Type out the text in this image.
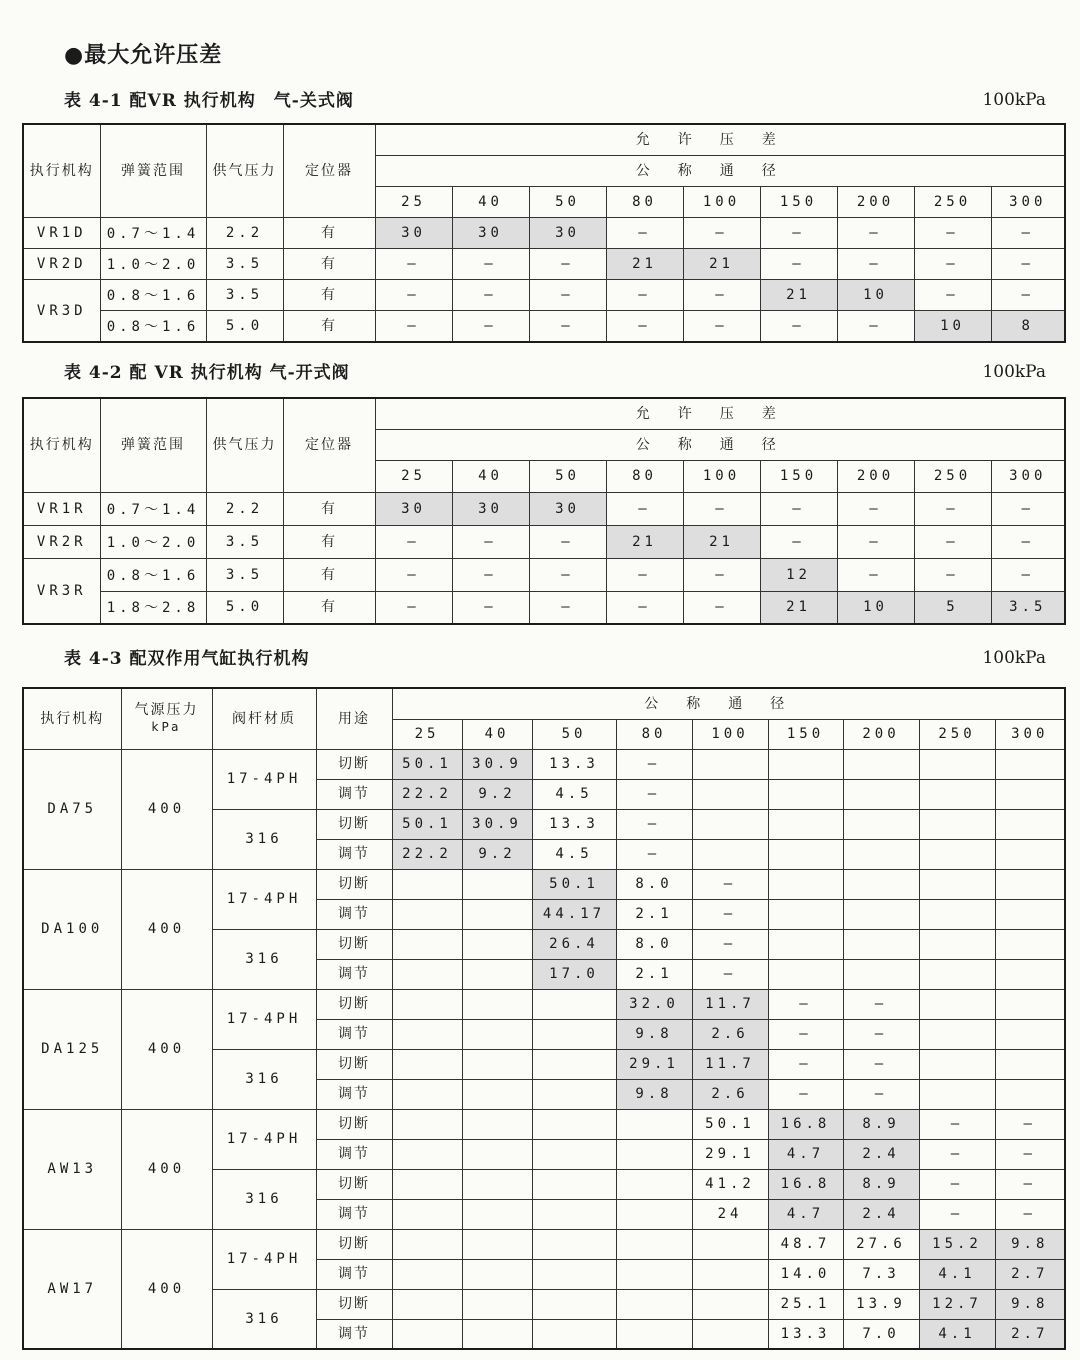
●最大允许压差
表 4-1 配VR 执行机构　气-关式阀	100kPa
执行机构	弹簧范围	供气压力	定位器	允许压差								
				公称通径								
				25	40	50	80	100	150	200	250	300
VR1D	0.7～1.4	2.2	有	30	30	30	—	—	—	—	—	—
VR2D	1.0～2.0	3.5	有	—	—	—	21	21	—	—	—	—
VR3D	0.8～1.6	3.5	有	—	—	—	—	—	21	10	—	—
	0.8～1.6	5.0	有	—	—	—	—	—	—	—	10	8
表 4-2 配 VR 执行机构 气-开式阀	100kPa
执行机构	弹簧范围	供气压力	定位器	允许压差								
				公称通径								
				25	40	50	80	100	150	200	250	300
VR1R	0.7～1.4	2.2	有	30	30	30	—	—	—	—	—	—
VR2R	1.0～2.0	3.5	有	—	—	—	21	21	—	—	—	—
VR3R	0.8～1.6	3.5	有	—	—	—	—	—	12	—	—	—
	1.8～2.8	5.0	有	—	—	—	—	—	21	10	5	3.5
表 4-3 配双作用气缸执行机构	100kPa
执行机构	气源压力
kPa	阀杆材质	用途	公称通径								
				25	40	50	80	100	150	200	250	300
DA75	400	17-4PH	切断	50.1	30.9	13.3	—					
			调节	22.2	9.2	4.5	—					
		316	切断	50.1	30.9	13.3	—					
			调节	22.2	9.2	4.5	—					
DA100	400	17-4PH	切断			50.1	8.0	—				
			调节			44.17	2.1	—				
		316	切断			26.4	8.0	—				
			调节			17.0	2.1	—				
DA125	400	17-4PH	切断				32.0	11.7	—	—		
			调节				9.8	2.6	—	—		
		316	切断				29.1	11.7	—	—		
			调节				9.8	2.6	—	—		
AW13	400	17-4PH	切断					50.1	16.8	8.9	—	—
			调节					29.1	4.7	2.4	—	—
		316	切断					41.2	16.8	8.9	—	—
			调节					24	4.7	2.4	—	—
AW17	400	17-4PH	切断						48.7	27.6	15.2	9.8
			调节						14.0	7.3	4.1	2.7
		316	切断						25.1	13.9	12.7	9.8
			调节						13.3	7.0	4.1	2.7
